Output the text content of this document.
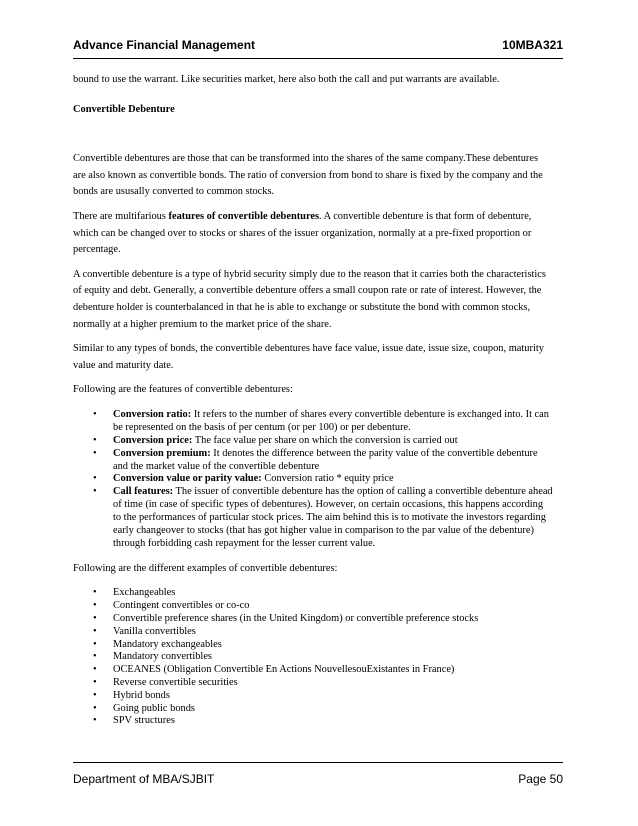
Advance Financial Management	10MBA321

bound to use the warrant. Like securities market, here also both the call and put warrants are available.

Convertible Debenture

Convertible debentures are those that can be transformed into the shares of the same company.These debentures are also known as convertible bonds. The ratio of conversion from bond to share is fixed by the company and the bonds are ususally converted to common stocks.

There are multifarious features of convertible debentures. A convertible debenture is that form of debenture, which can be changed over to stocks or shares of the issuer organization, normally at a pre-fixed proportion or percentage.

A convertible debenture is a type of hybrid security simply due to the reason that it carries both the characteristics of equity and debt. Generally, a convertible debenture offers a small coupon rate or rate of interest. However, the debenture holder is counterbalanced in that he is able to exchange or substitute the bond with common stocks, normally at a higher premium to the market price of the share.

Similar to any types of bonds, the convertible debentures have face value, issue date, issue size, coupon, maturity value and maturity date.

Following are the features of convertible debentures:

• Conversion ratio: It refers to the number of shares every convertible debenture is exchanged into. It can be represented on the basis of per centum (or per 100) or per debenture.
• Conversion price: The face value per share on which the conversion is carried out
• Conversion premium: It denotes the difference between the parity value of the convertible debenture and the market value of the convertible debenture
• Conversion value or parity value: Conversion ratio * equity price
• Call features: The issuer of convertible debenture has the option of calling a convertible debenture ahead of time (in case of specific types of debentures). However, on certain occasions, this happens according to the performances of particular stock prices. The aim behind this is to motivate the investors regarding early changeover to stocks (that has got higher value in comparison to the par value of the debenture) through forbidding cash repayment for the lesser current value.

Following are the different examples of convertible debentures:

• Exchangeables
• Contingent convertibles or co-co
• Convertible preference shares (in the United Kingdom) or convertible preference stocks
• Vanilla convertibles
• Mandatory exchangeables
• Mandatory convertibles
• OCEANES (Obligation Convertible En Actions NouvellesouExistantes in France)
• Reverse convertible securities
• Hybrid bonds
• Going public bonds
• SPV structures
Department of MBA/SJBIT	Page 50
